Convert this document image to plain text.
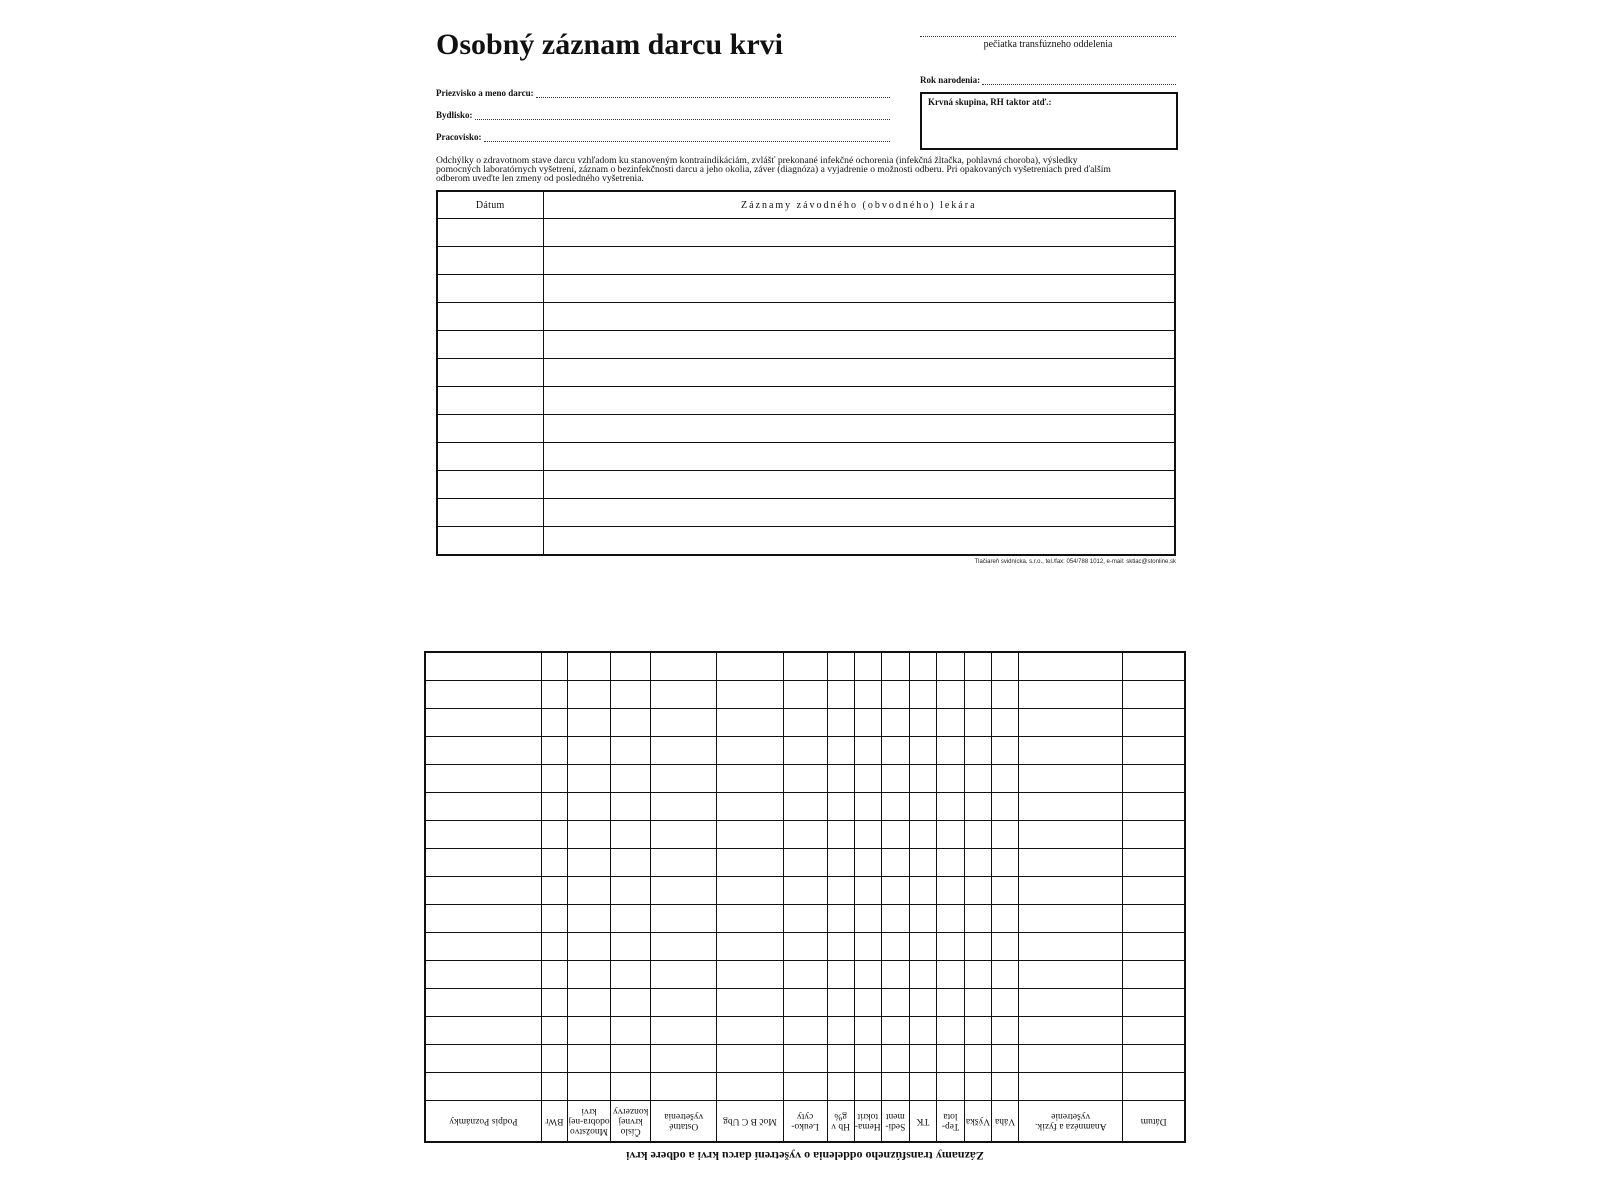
Osobný záznam darcu krvi	pečiatka transfúzneho oddelenia
Priezvisko a meno darcu:
Bydlisko:
Pracovisko:
Rok narodenia:
Krvná skupina, RH taktor atď.:
Odchýlky o zdravotnom stave darcu vzhľadom ku stanoveným kontraindikáciám, zvlášť prekonané infekčné ochorenia (infekčná žltačka, pohlavná choroba), výsledky pomocných laboratórnych vyšetrení, záznam o bezinfekčnosti darcu a jeho okolia, záver (diagnóza) a vyjadrenie o možnosti odberu. Pri opakovaných vyšetreniach pred ďalším odberom uveďte len zmeny od posledného vyšetrenia.
Dátum	Záznamy závodného (obvodného) lekára

Tlačiareň svidnícka, s.r.o., tel./fax: 054/788 1012, e-mail: sktlac@stonline.sk
Záznamy transfúzneho oddelenia o vyšetrení darcu krvi a odbere krvi
Dátum	Anamnéza a fyzik. vyšetrenie	Váha	Výška	Tep-lota	TK	Sedi-ment	Hema-tokrit	Hb v g%	Leuko-cyty	Moč B C Ubg	Ostatné vyšetrenia	Číslo krvnej konzervy	Množstvo odobra-nej krvi	BWr	Podpis Poznámky
